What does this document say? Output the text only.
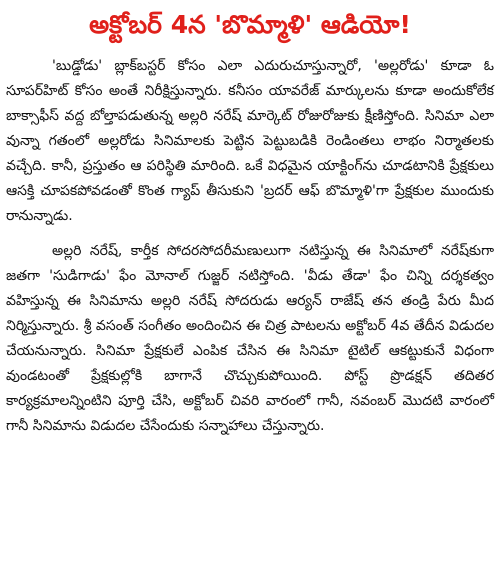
అక్టోబర్ 4న 'బొమ్మాళి' ఆడియో!

'బుడ్డోడు' బ్లాక్‌బస్టర్ కోసం ఎలా ఎదురుచూస్తున్నారో, 'అల్లరోడు' కూడా ఓ సూపర్‌హిట్ కోసం అంతే నిరీక్షిస్తున్నారు. కనీసం యావరేజ్ మార్కులను కూడా అందుకోలేక బాక్సాఫీస్ వద్ద బోల్తాపడుతున్న అల్లరి నరేష్ మార్కెట్ రోజురోజుకు క్షీణిస్తోంది. సినిమా ఎలా వున్నా గతంలో అల్లరోడు సినిమాలకు పెట్టిన పెట్టుబడికి రెండింతలు లాభం నిర్మాతలకు వచ్చేది. కానీ, ప్రస్తుతం ఆ పరిస్థితి మారింది. ఒకే విధమైన యాక్టింగ్‌ను చూడటానికి ప్రేక్షకులు ఆసక్తి చూపకపోవడంతో కొంత గ్యాప్ తీసుకుని 'బ్రదర్ ఆఫ్ బొమ్మాళి'గా ప్రేక్షకుల ముందుకు రానున్నాడు.

అల్లరి నరేష్, కార్తీక సోదరసోదరీమణులుగా నటిస్తున్న ఈ సినిమాలో నరేష్‌కుగా జతగా 'సుడిగాడు' ఫేం మోనాల్ గుజ్జర్ నటిస్తోంది. 'వీడు తేడా' ఫేం చిన్ని దర్శకత్వం వహిస్తున్న ఈ సినిమాను అల్లరి నరేష్ సోదరుడు ఆర్యన్ రాజేష్ తన తండ్రి పేరు మీద నిర్మిస్తున్నారు. శ్రీ వసంత్ సంగీతం అందించిన ఈ చిత్ర పాటలను అక్టోబర్ 4వ తేదీన విడుదల చేయనున్నారు. సినిమా ప్రేక్షకులే ఎంపిక చేసిన ఈ సినిమా టైటిల్ ఆకట్టుకునే విధంగా వుండటంతో ప్రేక్షకుల్లోకి బాగానే చొచ్చుకుపోయింది. పోస్ట్ ప్రొడక్షన్ తదితర కార్యక్రమాలన్నింటిని పూర్తి చేసి, అక్టోబర్ చివరి వారంలో గానీ, నవంబర్ మొదటి వారంలో గానీ సినిమాను విడుదల చేసేందుకు సన్నాహాలు చేస్తున్నారు.
